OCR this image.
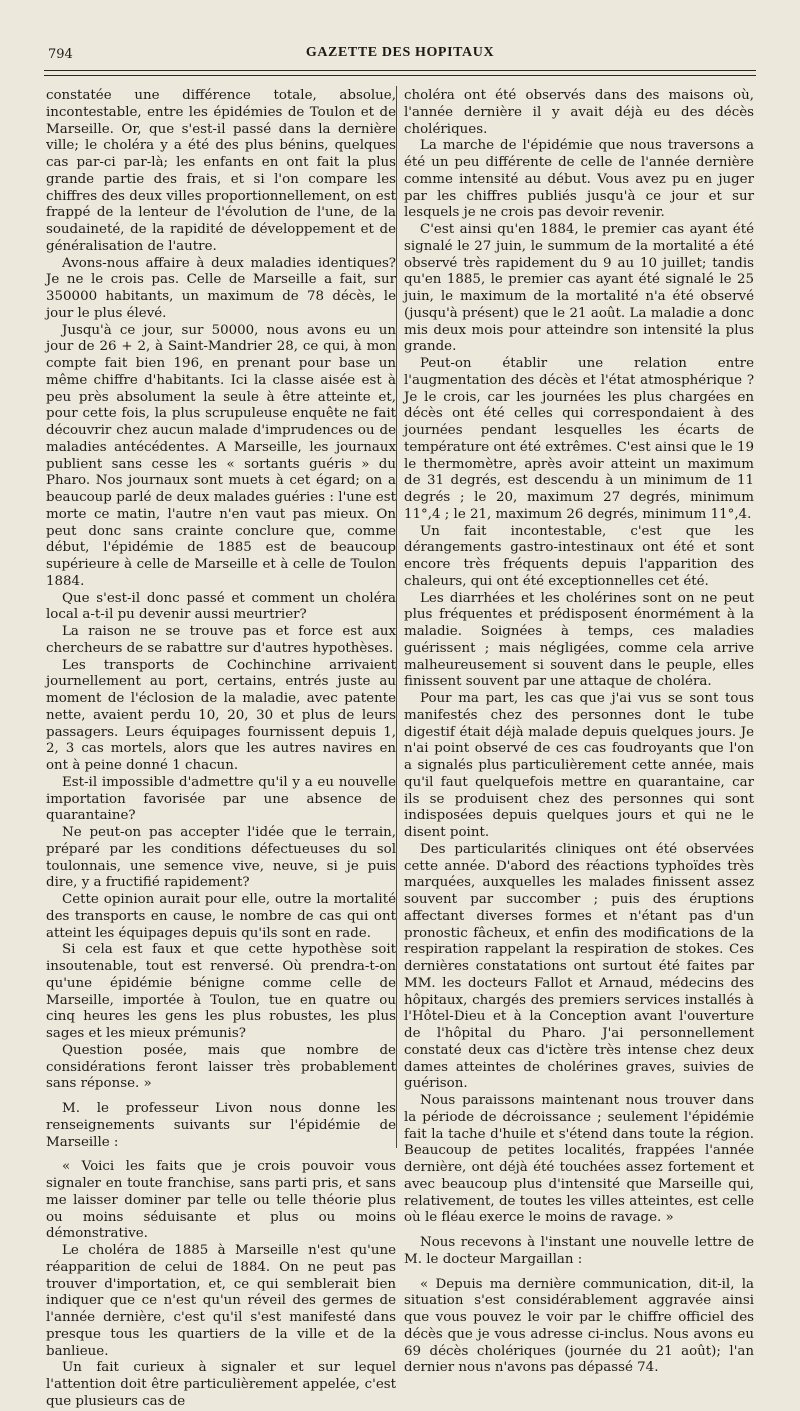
794	GAZETTE DES HOPITAUX

constatée une différence totale, absolue, incontestable, entre les épidémies de Toulon et de Marseille. Or, que s'est-il passé dans la dernière ville; le choléra y a été des plus bénins, quelques cas par-ci par-là; les enfants en ont fait la plus grande partie des frais, et si l'on compare les chiffres des deux villes proportionnellement, on est frappé de la lenteur de l'évolution de l'une, de la soudaineté, de la rapidité de développement et de généralisation de l'autre.

Avons-nous affaire à deux maladies identiques? Je ne le crois pas. Celle de Marseille a fait, sur 350000 habitants, un maximum de 78 décès, le jour le plus élevé.

Jusqu'à ce jour, sur 50000, nous avons eu un jour de 26 + 2, à Saint-Mandrier 28, ce qui, à mon compte fait bien 196, en prenant pour base un même chiffre d'habitants. Ici la classe aisée est à peu près absolument la seule à être atteinte et, pour cette fois, la plus scrupuleuse enquête ne fait découvrir chez aucun malade d'imprudences ou de maladies antécédentes. A Marseille, les journaux publient sans cesse les « sortants guéris » du Pharo. Nos journaux sont muets à cet égard; on a beaucoup parlé de deux malades guéries : l'une est morte ce matin, l'autre n'en vaut pas mieux. On peut donc sans crainte conclure que, comme début, l'épidémie de 1885 est de beaucoup supérieure à celle de Marseille et à celle de Toulon 1884.

Que s'est-il donc passé et comment un choléra local a-t-il pu devenir aussi meurtrier?

La raison ne se trouve pas et force est aux chercheurs de se rabattre sur d'autres hypothèses.

Les transports de Cochinchine arrivaient journellement au port, certains, entrés juste au moment de l'éclosion de la maladie, avec patente nette, avaient perdu 10, 20, 30 et plus de leurs passagers. Leurs équipages fournissent depuis 1, 2, 3 cas mortels, alors que les autres navires en ont à peine donné 1 chacun.

Est-il impossible d'admettre qu'il y a eu nouvelle importation favorisée par une absence de quarantaine?

Ne peut-on pas accepter l'idée que le terrain, préparé par les conditions défectueuses du sol toulonnais, une semence vive, neuve, si je puis dire, y a fructifié rapidement?

Cette opinion aurait pour elle, outre la mortalité des transports en cause, le nombre de cas qui ont atteint les équipages depuis qu'ils sont en rade.

Si cela est faux et que cette hypothèse soit insoutenable, tout est renversé. Où prendra-t-on qu'une épidémie bénigne comme celle de Marseille, importée à Toulon, tue en quatre ou cinq heures les gens les plus robustes, les plus sages et les mieux prémunis?

Question posée, mais que nombre de considérations feront laisser très probablement sans réponse. »

M. le professeur Livon nous donne les renseignements suivants sur l'épidémie de Marseille :

« Voici les faits que je crois pouvoir vous signaler en toute franchise, sans parti pris, et sans me laisser dominer par telle ou telle théorie plus ou moins séduisante et plus ou moins démonstrative.

Le choléra de 1885 à Marseille n'est qu'une réapparition de celui de 1884. On ne peut pas trouver d'importation, et, ce qui semblerait bien indiquer que ce n'est qu'un réveil des germes de l'année dernière, c'est qu'il s'est manifesté dans presque tous les quartiers de la ville et de la banlieue.

Un fait curieux à signaler et sur lequel l'attention doit être particulièrement appelée, c'est que plusieurs cas de

choléra ont été observés dans des maisons où, l'année dernière il y avait déjà eu des décès cholériques.

La marche de l'épidémie que nous traversons a été un peu différente de celle de l'année dernière comme intensité au début. Vous avez pu en juger par les chiffres publiés jusqu'à ce jour et sur lesquels je ne crois pas devoir revenir.

C'est ainsi qu'en 1884, le premier cas ayant été signalé le 27 juin, le summum de la mortalité a été observé très rapidement du 9 au 10 juillet; tandis qu'en 1885, le premier cas ayant été signalé le 25 juin, le maximum de la mortalité n'a été observé (jusqu'à présent) que le 21 août. La maladie a donc mis deux mois pour atteindre son intensité la plus grande.

Peut-on établir une relation entre l'augmentation des décès et l'état atmosphérique ? Je le crois, car les journées les plus chargées en décès ont été celles qui correspondaient à des journées pendant lesquelles les écarts de température ont été extrêmes. C'est ainsi que le 19 le thermomètre, après avoir atteint un maximum de 31 degrés, est descendu à un minimum de 11 degrés ; le 20, maximum 27 degrés, minimum 11°,4 ; le 21, maximum 26 degrés, minimum 11°,4.

Un fait incontestable, c'est que les dérangements gastro-intestinaux ont été et sont encore très fréquents depuis l'apparition des chaleurs, qui ont été exceptionnelles cet été.

Les diarrhées et les cholérines sont on ne peut plus fréquentes et prédisposent énormément à la maladie. Soignées à temps, ces maladies guérissent ; mais négligées, comme cela arrive malheureusement si souvent dans le peuple, elles finissent souvent par une attaque de choléra.

Pour ma part, les cas que j'ai vus se sont tous manifestés chez des personnes dont le tube digestif était déjà malade depuis quelques jours. Je n'ai point observé de ces cas foudroyants que l'on a signalés plus particulièrement cette année, mais qu'il faut quelquefois mettre en quarantaine, car ils se produisent chez des personnes qui sont indisposées depuis quelques jours et qui ne le disent point.

Des particularités cliniques ont été observées cette année. D'abord des réactions typhoïdes très marquées, auxquelles les malades finissent assez souvent par succomber ; puis des éruptions affectant diverses formes et n'étant pas d'un pronostic fâcheux, et enfin des modifications de la respiration rappelant la respiration de stokes. Ces dernières constatations ont surtout été faites par MM. les docteurs Fallot et Arnaud, médecins des hôpitaux, chargés des premiers services installés à l'Hôtel-Dieu et à la Conception avant l'ouverture de l'hôpital du Pharo. J'ai personnellement constaté deux cas d'ictère très intense chez deux dames atteintes de cholérines graves, suivies de guérison.

Nous paraissons maintenant nous trouver dans la période de décroissance ; seulement l'épidémie fait la tache d'huile et s'étend dans toute la région. Beaucoup de petites localités, frappées l'année dernière, ont déjà été touchées assez fortement et avec beaucoup plus d'intensité que Marseille qui, relativement, de toutes les villes atteintes, est celle où le fléau exerce le moins de ravage. »

Nous recevons à l'instant une nouvelle lettre de M. le docteur Margaillan :

« Depuis ma dernière communication, dit-il, la situation s'est considérablement aggravée ainsi que vous pouvez le voir par le chiffre officiel des décès que je vous adresse ci-inclus. Nous avons eu 69 décès cholériques (journée du 21 août); l'an dernier nous n'avons pas dépassé 74.
